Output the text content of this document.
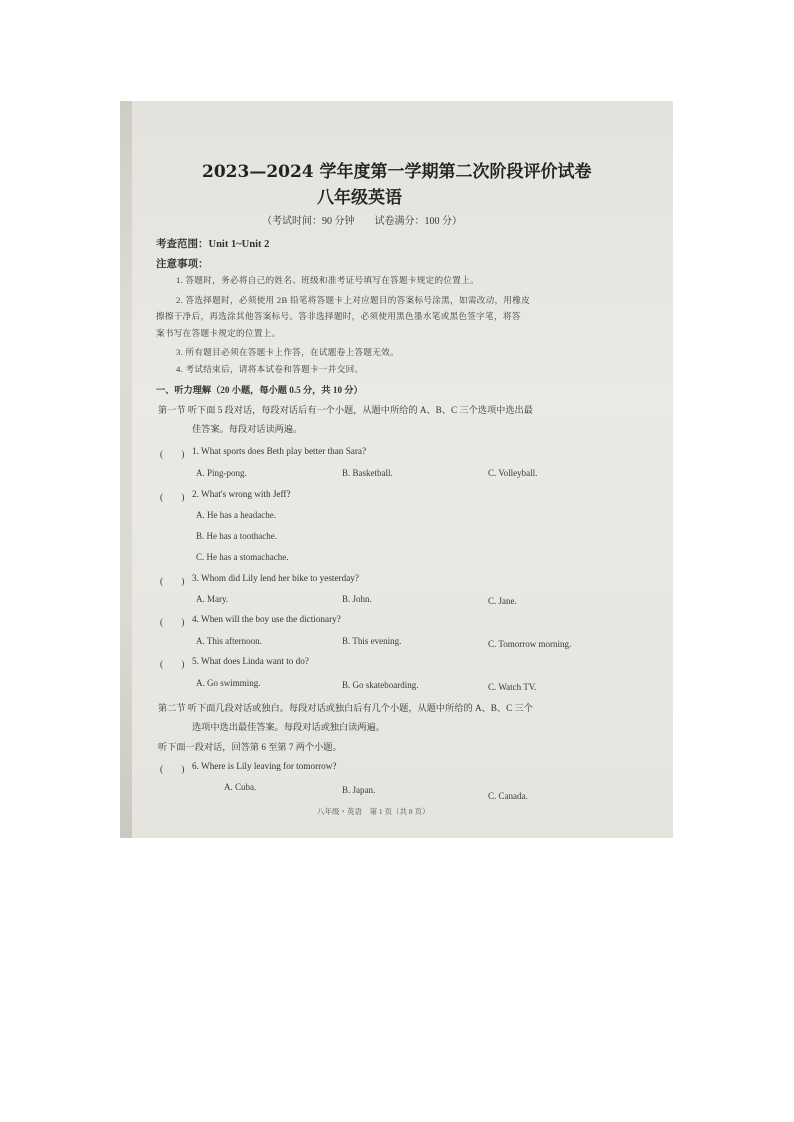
2023—2024 学年度第一学期第二次阶段评价试卷
八年级英语
（考试时间：90 分钟　　试卷满分：100 分）
考查范围：Unit 1~Unit 2
注意事项：
1. 答题时，务必将自己的姓名、班级和准考证号填写在答题卡规定的位置上。
2. 答选择题时，必须使用 2B 铅笔将答题卡上对应题目的答案标号涂黑，如需改动，用橡皮
擦擦干净后，再选涂其他答案标号。答非选择题时，必须使用黑色墨水笔或黑色签字笔，将答
案书写在答题卡规定的位置上。
3. 所有题目必须在答题卡上作答，在试题卷上答题无效。
4. 考试结束后，请将本试卷和答题卡一并交回。
一、听力理解（20 小题，每小题 0.5 分，共 10 分）
第一节 听下面 5 段对话，每段对话后有一个小题，从题中所给的 A、B、C 三个选项中选出最
佳答案。每段对话读两遍。
(　　) 1. What sports does Beth play better than Sara?
A. Ping-pong.	B. Basketball.	C. Volleyball.
(　　) 2. What's wrong with Jeff?
A. He has a headache.
B. He has a toothache.
C. He has a stomachache.
(　　) 3. Whom did Lily lend her bike to yesterday?
A. Mary.	B. John.	C. Jane.
(　　) 4. When will the boy use the dictionary?
A. This afternoon.	B. This evening.	C. Tomorrow morning.
(　　) 5. What does Linda want to do?
A. Go swimming.	B. Go skateboarding.	C. Watch TV.
第二节 听下面几段对话或独白。每段对话或独白后有几个小题，从题中所给的 A、B、C 三个
选项中选出最佳答案。每段对话或独白读两遍。
听下面一段对话，回答第 6 至第 7 两个小题。
(　　) 6. Where is Lily leaving for tomorrow?
A. Cuba.	B. Japan.
C. Canada.
八年级・英语　第 1 页（共 8 页）
